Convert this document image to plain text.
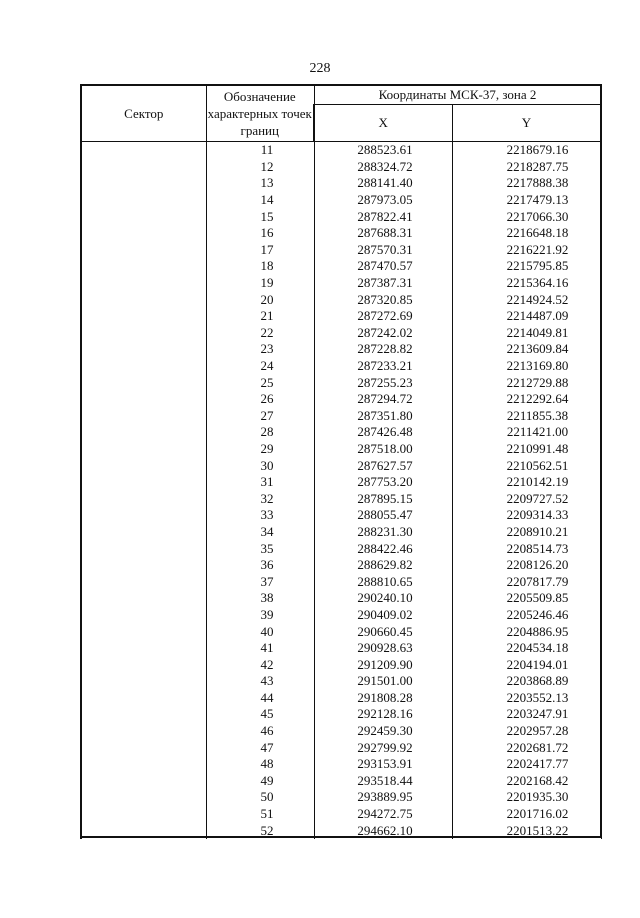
228
Сектор	Обозначение характерных точек границ	Координаты МСК-37, зона 2	
		X	Y
	11	288523.61	2218679.16
	12	288324.72	2218287.75
	13	288141.40	2217888.38
	14	287973.05	2217479.13
	15	287822.41	2217066.30
	16	287688.31	2216648.18
	17	287570.31	2216221.92
	18	287470.57	2215795.85
	19	287387.31	2215364.16
	20	287320.85	2214924.52
	21	287272.69	2214487.09
	22	287242.02	2214049.81
	23	287228.82	2213609.84
	24	287233.21	2213169.80
	25	287255.23	2212729.88
	26	287294.72	2212292.64
	27	287351.80	2211855.38
	28	287426.48	2211421.00
	29	287518.00	2210991.48
	30	287627.57	2210562.51
	31	287753.20	2210142.19
	32	287895.15	2209727.52
	33	288055.47	2209314.33
	34	288231.30	2208910.21
	35	288422.46	2208514.73
	36	288629.82	2208126.20
	37	288810.65	2207817.79
	38	290240.10	2205509.85
	39	290409.02	2205246.46
	40	290660.45	2204886.95
	41	290928.63	2204534.18
	42	291209.90	2204194.01
	43	291501.00	2203868.89
	44	291808.28	2203552.13
	45	292128.16	2203247.91
	46	292459.30	2202957.28
	47	292799.92	2202681.72
	48	293153.91	2202417.77
	49	293518.44	2202168.42
	50	293889.95	2201935.30
	51	294272.75	2201716.02
	52	294662.10	2201513.22
